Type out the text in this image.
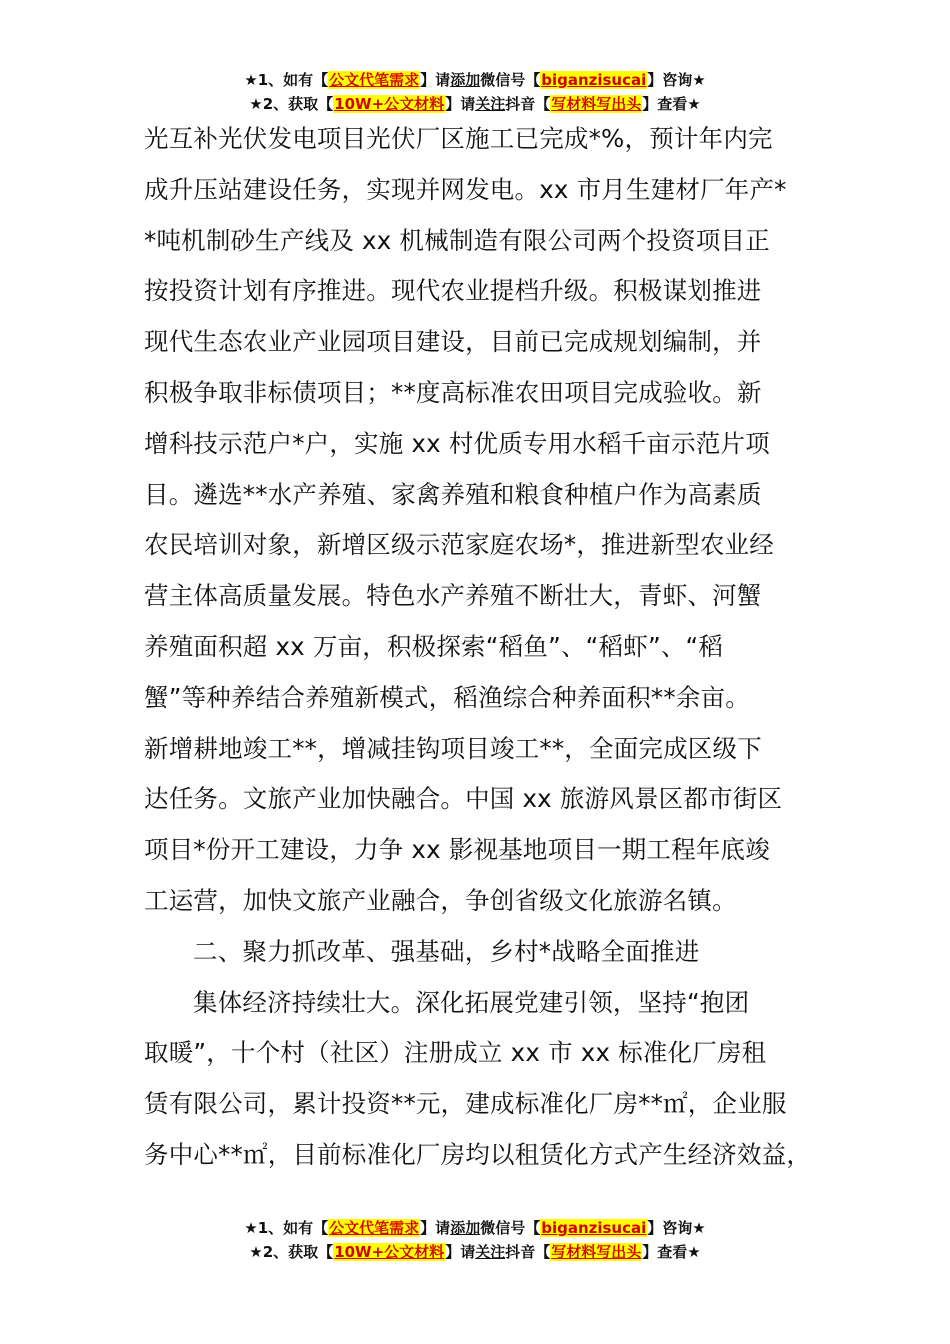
★1、如有【公文代笔需求】请添加微信号【biganzisucai】咨询★
★2、获取【10W+公文材料】请关注抖音【写材料写出头】查看★
光互补光伏发电项目光伏厂区施工已完成*%，预计年内完
成升压站建设任务，实现并网发电。xx 市月生建材厂年产*
*吨机制砂生产线及 xx 机械制造有限公司两个投资项目正
按投资计划有序推进。现代农业提档升级。积极谋划推进
现代生态农业产业园项目建设，目前已完成规划编制，并
积极争取非标债项目；**度高标准农田项目完成验收。新
增科技示范户*户，实施 xx 村优质专用水稻千亩示范片项
目。遴选**水产养殖、家禽养殖和粮食种植户作为高素质
农民培训对象，新增区级示范家庭农场*，推进新型农业经
营主体高质量发展。特色水产养殖不断壮大，青虾、河蟹
养殖面积超 xx 万亩，积极探索“稻鱼”、“稻虾”、“稻
蟹”等种养结合养殖新模式，稻渔综合种养面积**余亩。
新增耕地竣工**，增减挂钩项目竣工**，全面完成区级下
达任务。文旅产业加快融合。中国 xx 旅游风景区都市街区
项目*份开工建设，力争 xx 影视基地项目一期工程年底竣
工运营，加快文旅产业融合，争创省级文化旅游名镇。
二、聚力抓改革、强基础，乡村*战略全面推进
集体经济持续壮大。深化拓展党建引领，坚持“抱团
取暖”，十个村（社区）注册成立 xx 市 xx 标准化厂房租
赁有限公司，累计投资**元，建成标准化厂房**㎡，企业服
务中心**㎡，目前标准化厂房均以租赁化方式产生经济效益，
★1、如有【公文代笔需求】请添加微信号【biganzisucai】咨询★
★2、获取【10W+公文材料】请关注抖音【写材料写出头】查看★
